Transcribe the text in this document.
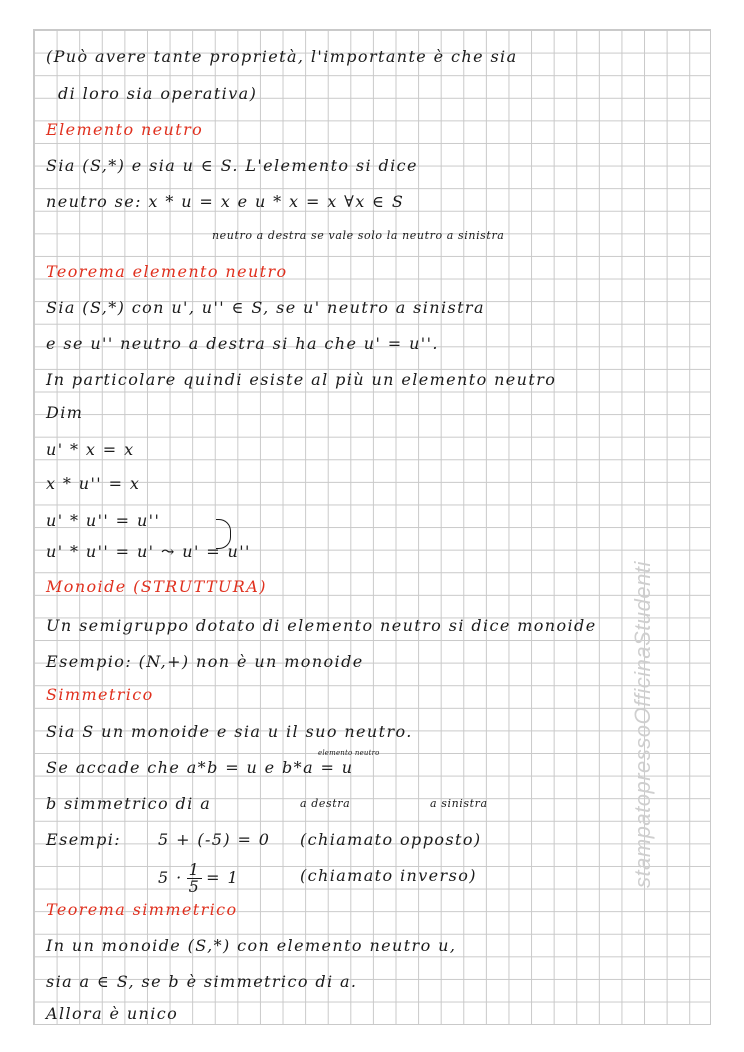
(Può avere tante proprietà, l'importante è che sia

di loro sia operativa)

Elemento neutro

Sia (S,*) e sia u ∈ S. L'elemento si dice

neutro se: x * u = x e u * x = x ∀x ∈ S

neutro a destra se vale solo la neutro a sinistra

Teorema elemento neutro

Sia (S,*) con u', u'' ∈ S, se u' neutro a sinistra

e se u'' neutro a destra si ha che u' = u''.

In particolare quindi esiste al più un elemento neutro

Dim

u' * x = x

x * u'' = x

u' * u'' = u''

u' * u'' = u' ⤳ u' = u''

Monoide (STRUTTURA)

Un semigruppo dotato di elemento neutro si dice monoide

Esempio: (N,+) non è un monoide

Simmetrico

Sia S un monoide e sia u il suo neutro.

elemento neutro

Se accade che a*b = u e b*a = u

b simmetrico di a	a destra	a sinistra

Esempi: 5 + (-5) = 0 (chiamato opposto)

$5 \cdot \frac{1}{5} = 1$	(chiamato inverso)

Teorema simmetrico

In un monoide (S,*) con elemento neutro u,

sia a ∈ S, se b è simmetrico di a.

Allora è unico

stampatopressoOfficinaStudenti
